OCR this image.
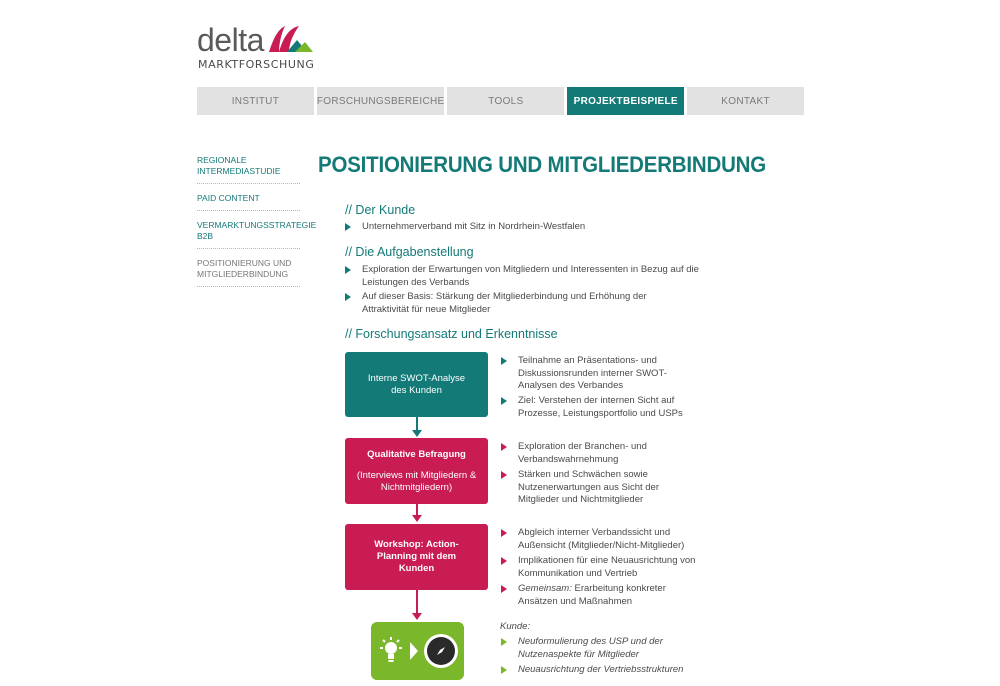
delta
MARKTFORSCHUNG
INSTITUT	FORSCHUNGSBEREICHE	TOOLS	PROJEKTBEISPIELE	KONTAKT
REGIONALE INTERMEDIASTUDIE
PAID CONTENT
VERMARKTUNGSSTRATEGIE B2B
POSITIONIERUNG UND MITGLIEDERBINDUNG
POSITIONIERUNG UND MITGLIEDERBINDUNG
// Der Kunde
Unternehmerverband mit Sitz in Nordrhein-Westfalen
// Die Aufgabenstellung
Exploration der Erwartungen von Mitgliedern und Interessenten in Bezug auf die Leistungen des Verbands
Auf dieser Basis: Stärkung der Mitgliederbindung und Erhöhung der Attraktivität für neue Mitglieder
// Forschungsansatz und Erkenntnisse
Interne SWOT-Analyse
des Kunden
Teilnahme an Präsentations- und Diskussionsrunden interner SWOT-Analysen des Verbandes
Ziel: Verstehen der internen Sicht auf Prozesse, Leistungsportfolio und USPs
Qualitative Befragung
(Interviews mit Mitgliedern & Nichtmitgliedern)
Exploration der Branchen- und Verbandswahrnehmung
Stärken und Schwächen sowie Nutzenerwartungen aus Sicht der Mitglieder und Nichtmitglieder
Workshop: Action-Planning mit dem Kunden
Abgleich interner Verbandssicht und Außensicht (Mitglieder/Nicht-Mitglieder)
Implikationen für eine Neuausrichtung von Kommunikation und Vertrieb
Gemeinsam: Erarbeitung konkreter Ansätzen und Maßnahmen
Kunde:
Neuformulierung des USP und der Nutzenaspekte für Mitglieder
Neuausrichtung der Vertriebsstrukturen
